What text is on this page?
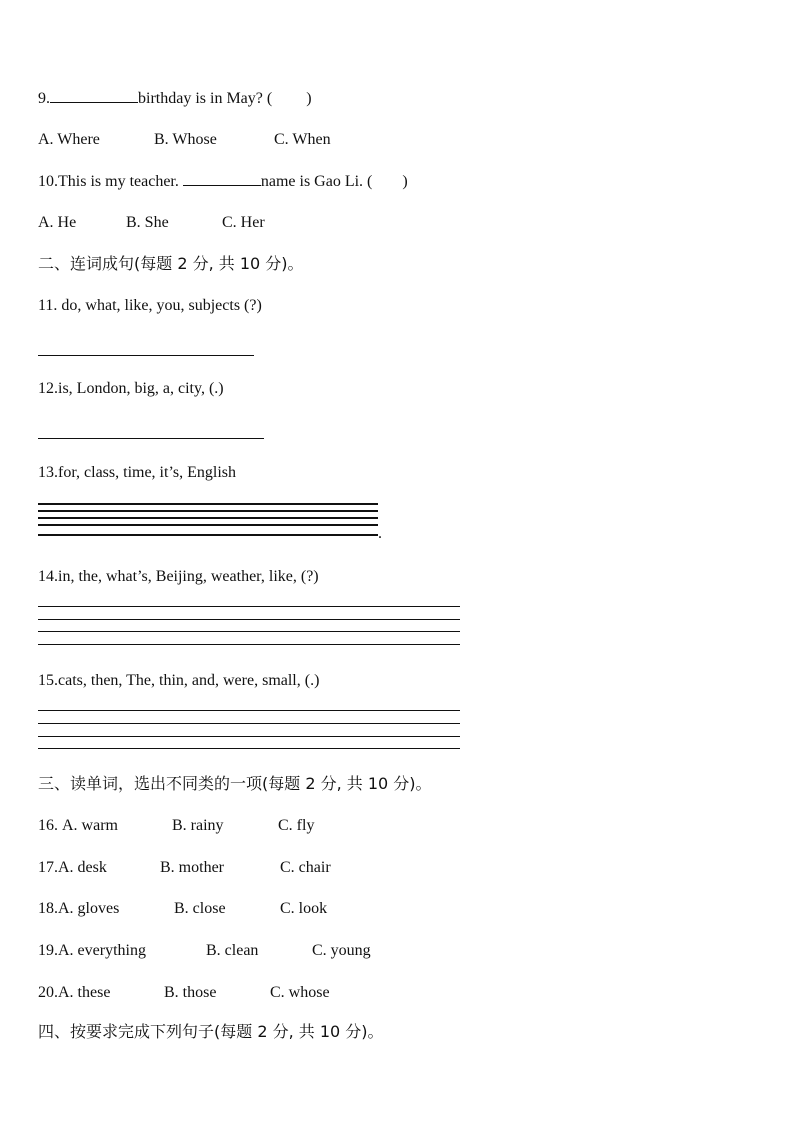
9.	birthday is in May? ( )
A. Where	B. Whose	C. When
10.This is my teacher.	name is Gao Li. ( )
A. He	B. She	C. Her
二、连词成句(每题 2 分, 共 10 分)。
11. do, what, like, you, subjects (?)
12.is, London, big, a, city, (.)
13.for, class, time, it’s, English
.
14.in, the, what’s, Beijing, weather, like, (?)
15.cats, then, The, thin, and, were, small, (.)
三、读单词，选出不同类的一项(每题 2 分, 共 10 分)。
16. A. warm	B. rainy	C. fly
17.A. desk	B. mother	C. chair
18.A. gloves	B. close	C. look
19.A. everything	B. clean	C. young
20.A. these	B. those	C. whose
四、按要求完成下列句子(每题 2 分, 共 10 分)。
